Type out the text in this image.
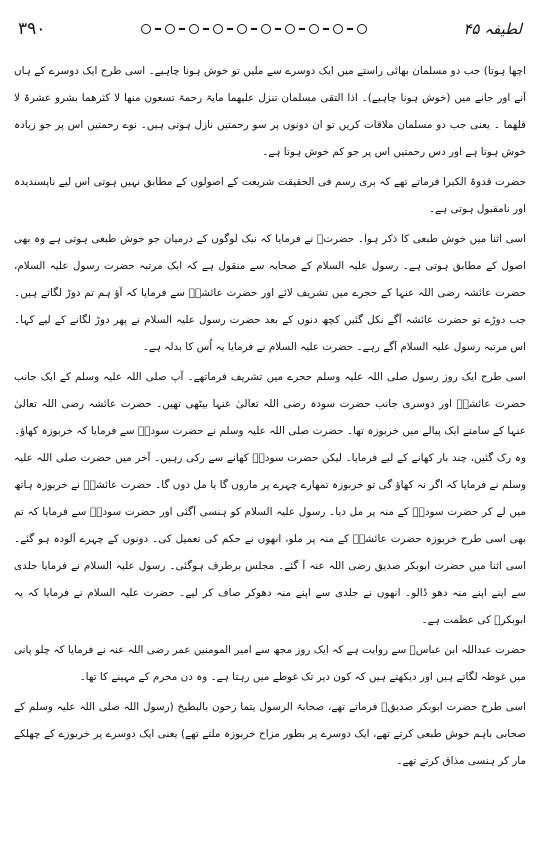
۳۹۰	لطیفہ ۴۵

اچھا ہوتا) جب دو مسلمان بھائی راستے میں ایک دوسرے سے ملیں تو خوش ہونا چاہیے۔ اسی طرح ایک دوسرے کے ہاں آنے اور جانے میں (خوش ہونا چاہیے)۔ اذا التقی مسلمان تنزل علیھما مایۃ رحمۃ تسعون منھا لا کثرھما بشرو عشرۃ لا قلھما ۔ یعنی جب دو مسلمان ملاقات کریں تو ان دونوں پر سو رحمتیں نازل ہوتی ہیں۔ نوے رحمتیں اس پر جو زیادہ خوش ہوتا ہے اور دس رحمتیں اس پر جو کم خوش ہوتا ہے۔

حضرت قدوۃ الکبرا فرماتے تھے کہ بری رسم فی الحقیقت شریعت کے اصولوں کے مطابق نہیں ہوتی اس لیے ناپسندیدہ اور نامقبول ہوتی ہے۔

اسی اثنا میں خوش طبعی کا ذکر ہوا۔ حضرتؒ نے فرمایا کہ نیک لوگوں کے درمیان جو خوش طبعی ہوتی ہے وہ بھی اصول کے مطابق ہوتی ہے۔ رسول علیہ السلام کے صحابہ سے منقول ہے کہ ایک مرتبہ حضرت رسول علیہ السلام، حضرت عائشہ رضی اللہ عنہا کے حجرے میں تشریف لائے اور حضرت عائشہؓ سے فرمایا کہ آؤ ہم تم دوڑ لگاتے ہیں۔ جب دوڑے تو حضرت عائشہ آگے نکل گئیں کچھ دنوں کے بعد حضرت رسول علیہ السلام نے پھر دوڑ لگانے کے لیے کہا۔ اس مرتبہ رسول علیہ السلام آگے رہے۔ حضرت علیہ السلام نے فرمایا یہ اُس کا بدلہ ہے۔

اسی طرح ایک روز رسول صلی اللہ علیہ وسلم حجرے میں تشریف فرماتھے۔ آپ صلی اللہ علیہ وسلم کے ایک جانب حضرت عائشہؓ اور دوسری جانب حضرت سودہ رضی اللہ تعالیٰ عنہا بیٹھی تھیں۔ حضرت عائشہ رضی اللہ تعالیٰ عنہا کے سامنے ایک پیالے میں خربوزہ تھا۔ حضرت صلی اللہ علیہ وسلم نے حضرت سودہؓ سے فرمایا کہ خربوزہ کھاؤ۔ وہ رک گئیں، چند بار کھانے کے لیے فرمایا۔ لیکن حضرت سودہؓ کھانے سے رکی رہیں۔ آخر میں حضرت صلی اللہ علیہ وسلم نے فرمایا کہ اگر نہ کھاؤ گی تو خربوزہ تمھارے چہرے پر ماروں گا یا مل دوں گا۔ حضرت عائشہؓ نے خربوزہ ہاتھ میں لے کر حضرت سودہؓ کے منہ پر مل دیا۔ رسول علیہ السلام کو ہنسی آگئی اور حضرت سودہؓ سے فرمایا کہ تم بھی اسی طرح خربوزہ حضرت عائشہؓ کے منہ پر ملو، انھوں نے حکم کی تعمیل کی۔ دونوں کے چہرے آلودہ ہو گئے۔ اسی اثنا میں حضرت ابوبکر صدیق رضی اللہ عنہ آ گئے۔ مجلس برطرف ہوگئی۔ رسول علیہ السلام نے فرمایا جلدی سے اپنے اپنے منہ دھو ڈالو۔ انھوں نے جلدی سے اپنے منہ دھوکر صاف کر لیے۔ حضرت علیہ السلام نے فرمایا کہ یہ ابوبکرؓ کی عظمت ہے۔

حضرت عبداللہ ابن عباسؓ سے روایت ہے کہ ایک روز مجھ سے امیر المومنین عمر رضی اللہ عنہ نے فرمایا کہ چلو پانی میں غوطہ لگاتے ہیں اور دیکھتے ہیں کہ کون دیر تک غوطے میں رہتا ہے۔ وہ دن محرم کے مہینے کا تھا۔

اسی طرح حضرت ابوبکر صدیقؓ فرماتے تھے، صحابۃ الرسول یتما زحون بالبطیخ (رسول اللہ صلی اللہ علیہ وسلم کے صحابی باہم خوش طبعی کرتے تھے، ایک دوسرے پر بطور مزاح خربوزہ ملتے تھے) یعنی ایک دوسرے پر خربوزے کے چھلکے مار کر ہنسی مذاق کرتے تھے۔
